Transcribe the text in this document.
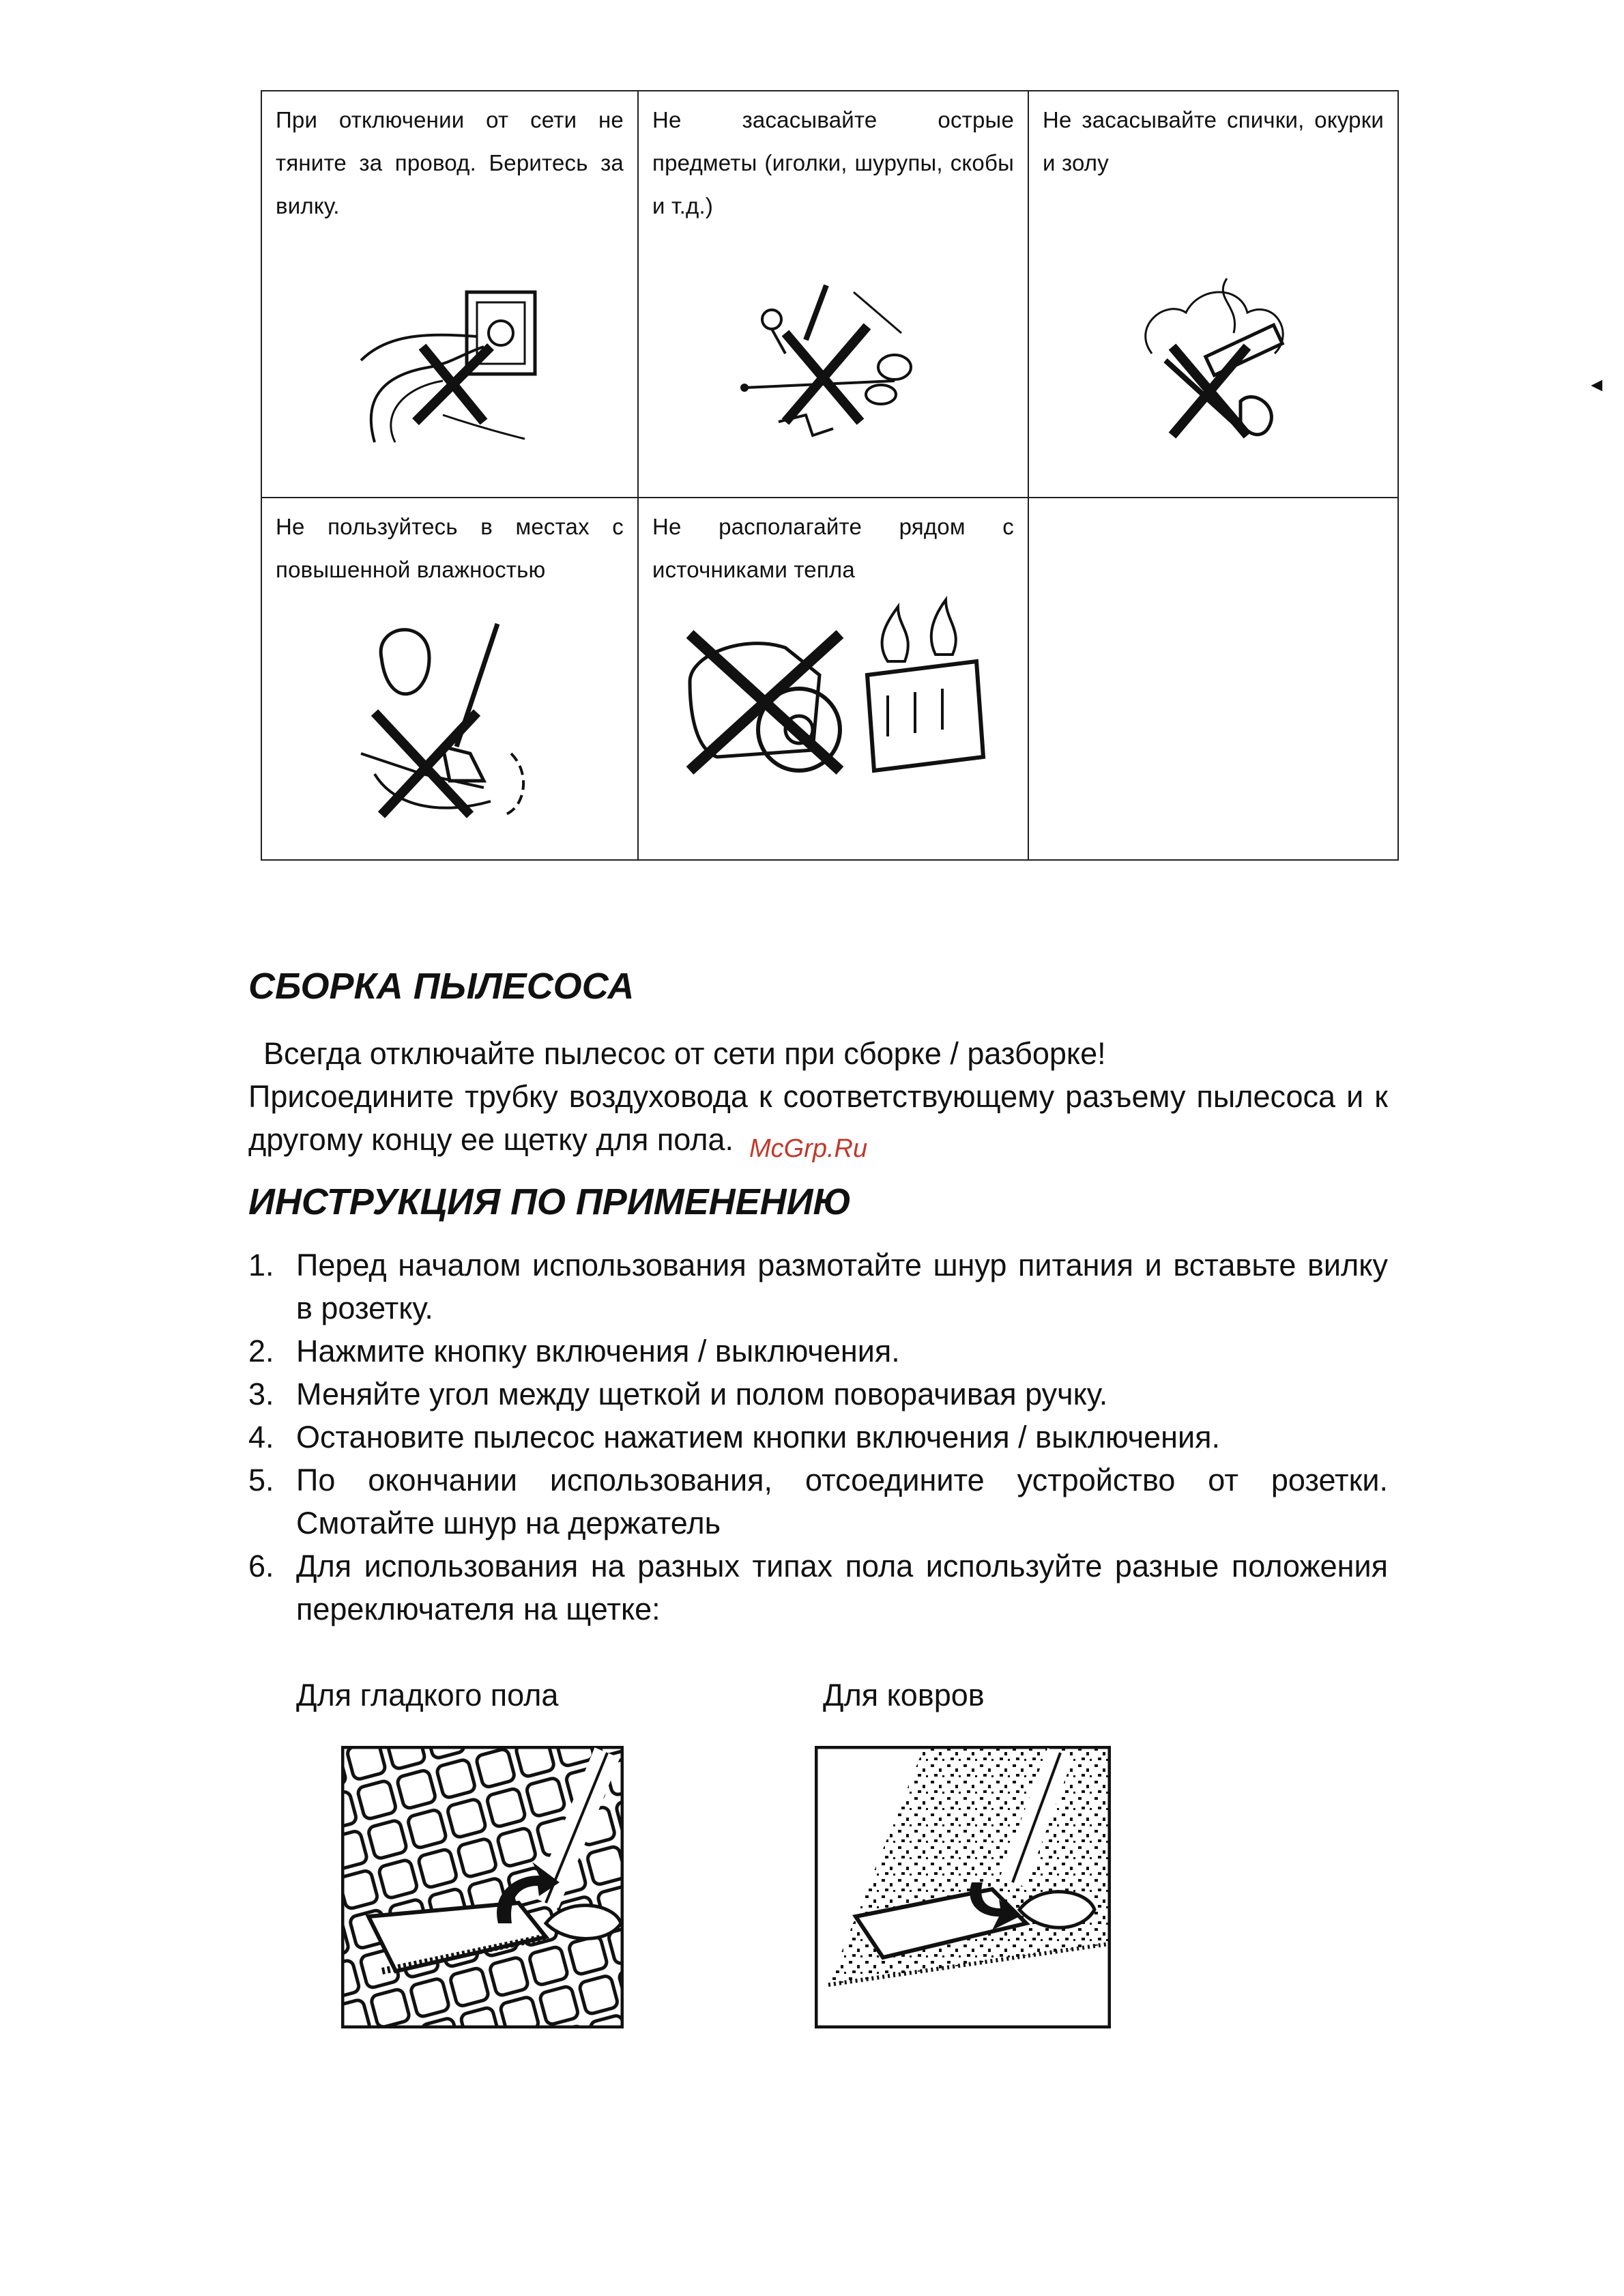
При отключении от сети не тяните за провод. Беритесь за вилку.	Не засасывайте острые предметы (иголки, шурупы, скобы и т.д.)	Не засасывайте спички, окурки и золу

Не пользуйтесь в местах с повышенной влажностью	Не располагайте рядом с источниками тепла	

◄
СБОРКА ПЫЛЕСОСА
Всегда отключайте пылесос от сети при сборке / разборке!
Присоедините трубку воздуховода к соответствующему разъему пылесоса и к другому концу ее щетку для пола. McGrp.Ru
ИНСТРУКЦИЯ ПО ПРИМЕНЕНИЮ
1. Перед началом использования размотайте шнур питания и вставьте вилку в розетку.
2. Нажмите кнопку включения / выключения.
3. Меняйте угол между щеткой и полом поворачивая ручку.
4. Остановите пылесос нажатием кнопки включения / выключения.
5. По окончании использования, отсоедините устройство от розетки. Смотайте шнур на держатель
6. Для использования на разных типах пола используйте разные положения переключателя на щетке:
Для гладкого пола	Для ковров
